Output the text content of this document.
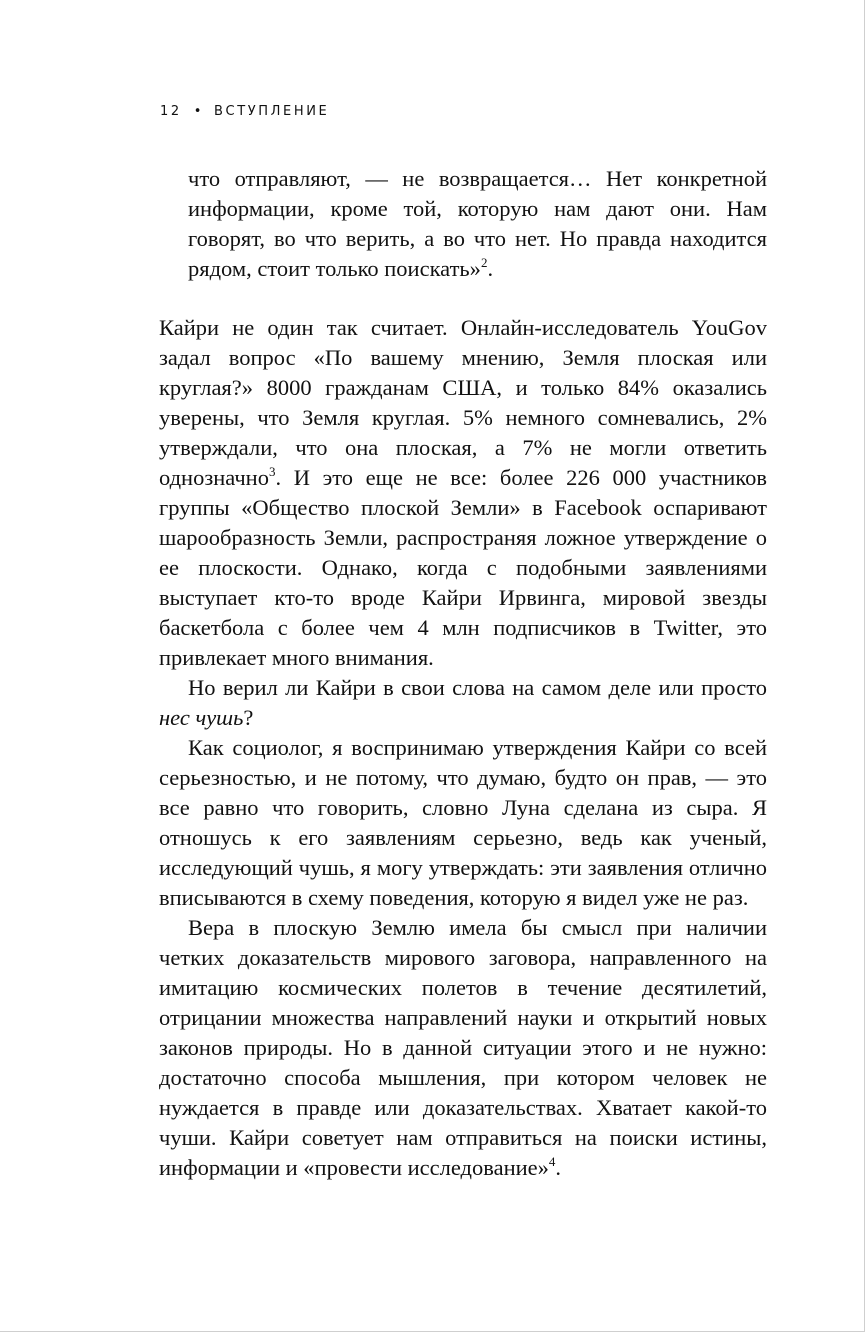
12 • ВСТУПЛЕНИЕ

что отправляют, — не возвращается… Нет конкретной информации, кроме той, которую нам дают они. Нам говорят, во что верить, а во что нет. Но правда находится рядом, стоит только поискать»$^2$.

Кайри не один так считает. Онлайн-исследователь YouGov задал вопрос «По вашему мнению, Земля плоская или круглая?» 8000 гражданам США, и только 84% оказались уверены, что Земля круглая. 5% немного сомневались, 2% утверждали, что она плоская, а 7% не могли ответить однозначно$^3$. И это еще не все: более 226 000 участников группы «Общество плоской Земли» в Facebook оспаривают шарообразность Земли, распространяя ложное утверждение о ее плоскости. Однако, когда с подобными заявлениями выступает кто-то вроде Кайри Ирвинга, мировой звезды баскетбола с более чем 4 млн подписчиков в Twitter, это привлекает много внимания.

Но верил ли Кайри в свои слова на самом деле или просто нес чушь?

Как социолог, я воспринимаю утверждения Кайри со всей серьезностью, и не потому, что думаю, будто он прав, — это все равно что говорить, словно Луна сделана из сыра. Я отношусь к его заявлениям серьезно, ведь как ученый, исследующий чушь, я могу утверждать: эти заявления отлично вписываются в схему поведения, которую я видел уже не раз.

Вера в плоскую Землю имела бы смысл при наличии четких доказательств мирового заговора, направленного на имитацию космических полетов в течение десятилетий, отрицании множества направлений науки и открытий новых законов природы. Но в данной ситуации этого и не нужно: достаточно способа мышления, при котором человек не нуждается в правде или доказательствах. Хватает какой-то чуши. Кайри советует нам отправиться на поиски истины, информации и «провести исследование»$^4$.
